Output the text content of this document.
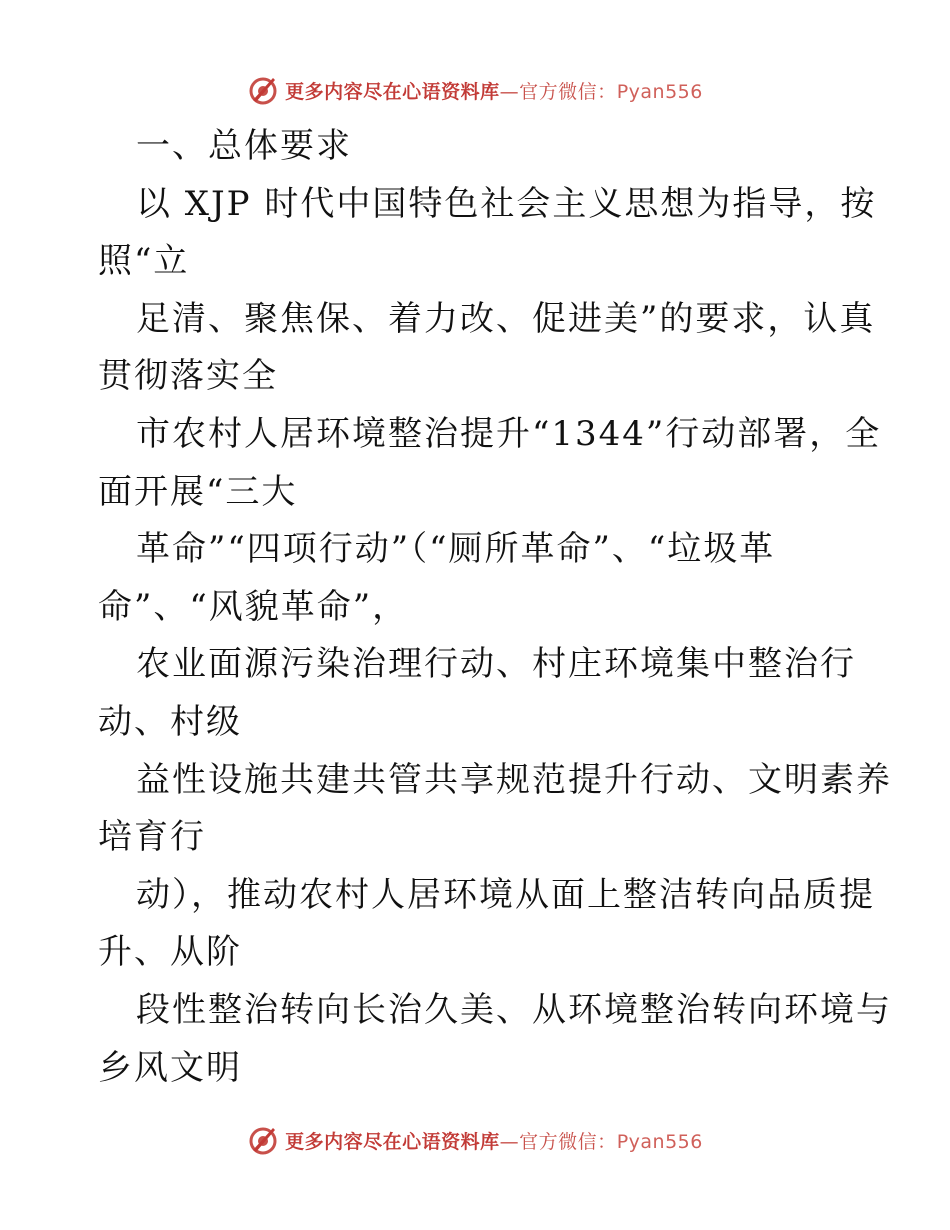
更多内容尽在心语资料库—官方微信：Pyan556
一、总体要求
以 XJP 时代中国特色社会主义思想为指导，按
照“立
足清、聚焦保、着力改、促进美”的要求，认真
贯彻落实全
市农村人居环境整治提升“1344”行动部署，全
面开展“三大
革命”“四项行动”（“厕所革命”、“垃圾革
命”、“风貌革命”，
农业面源污染治理行动、村庄环境集中整治行
动、村级
益性设施共建共管共享规范提升行动、文明素养
培育行
动），推动农村人居环境从面上整洁转向品质提
升、从阶
段性整治转向长治久美、从环境整治转向环境与
乡风文明
更多内容尽在心语资料库—官方微信：Pyan556
